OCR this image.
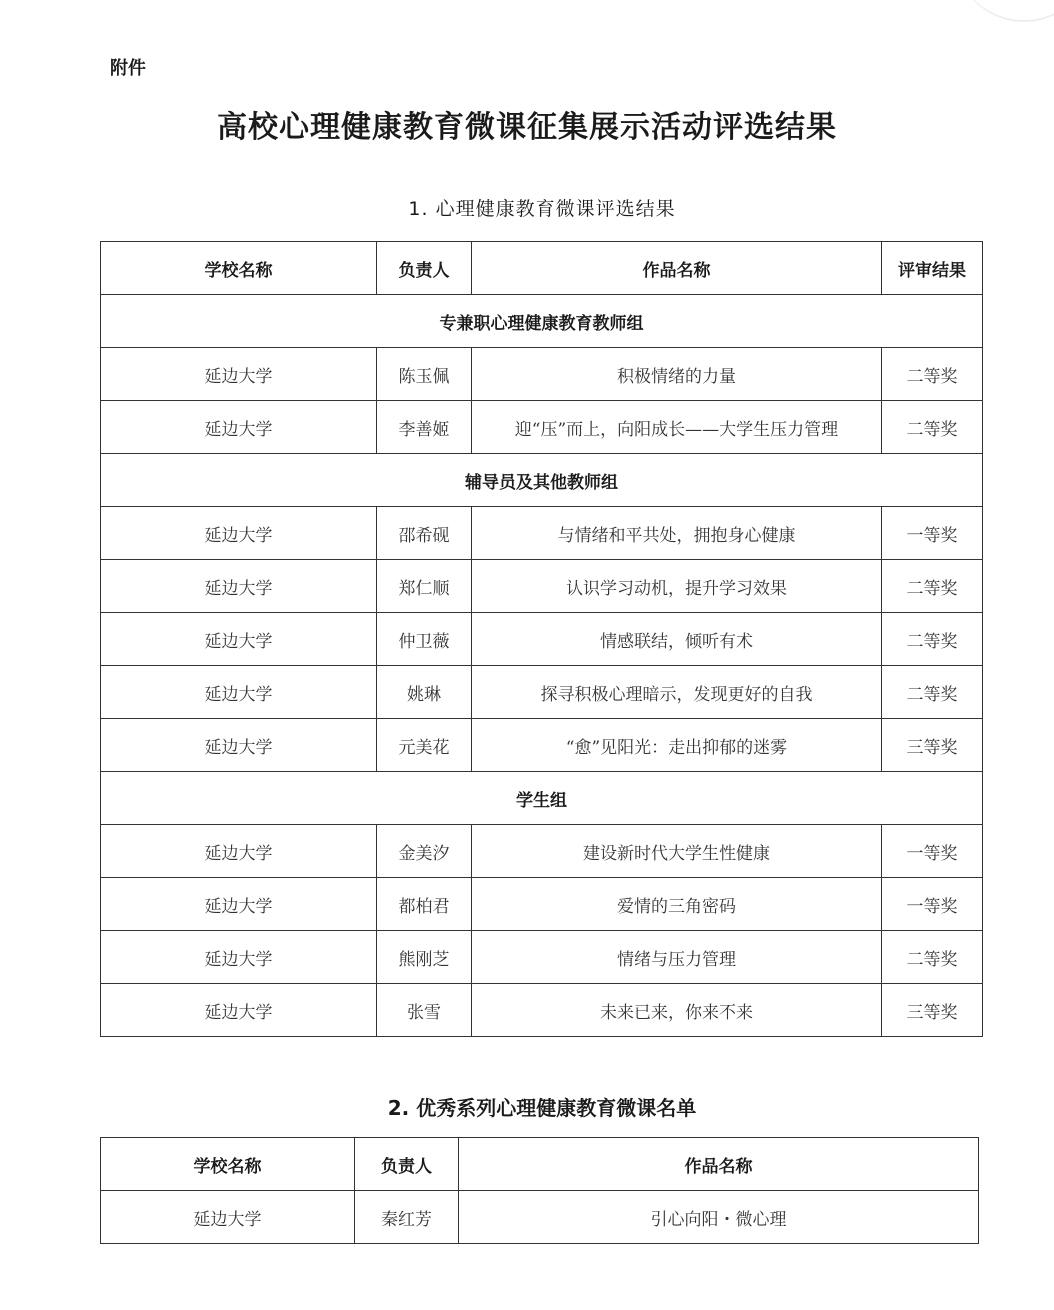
附件
高校心理健康教育微课征集展示活动评选结果
1. 心理健康教育微课评选结果
学校名称	负责人	作品名称	评审结果
专兼职心理健康教育教师组			
延边大学	陈玉佩	积极情绪的力量	二等奖
延边大学	李善姬	迎“压”而上，向阳成长——大学生压力管理	二等奖
辅导员及其他教师组			
延边大学	邵希砚	与情绪和平共处，拥抱身心健康	一等奖
延边大学	郑仁顺	认识学习动机，提升学习效果	二等奖
延边大学	仲卫薇	情感联结，倾听有术	二等奖
延边大学	姚琳	探寻积极心理暗示，发现更好的自我	二等奖
延边大学	元美花	“愈”见阳光：走出抑郁的迷雾	三等奖
学生组			
延边大学	金美汐	建设新时代大学生性健康	一等奖
延边大学	都柏君	爱情的三角密码	一等奖
延边大学	熊刚芝	情绪与压力管理	二等奖
延边大学	张雪	未来已来，你来不来	三等奖
2. 优秀系列心理健康教育微课名单
学校名称	负责人	作品名称
延边大学	秦红芳	引心向阳・微心理
